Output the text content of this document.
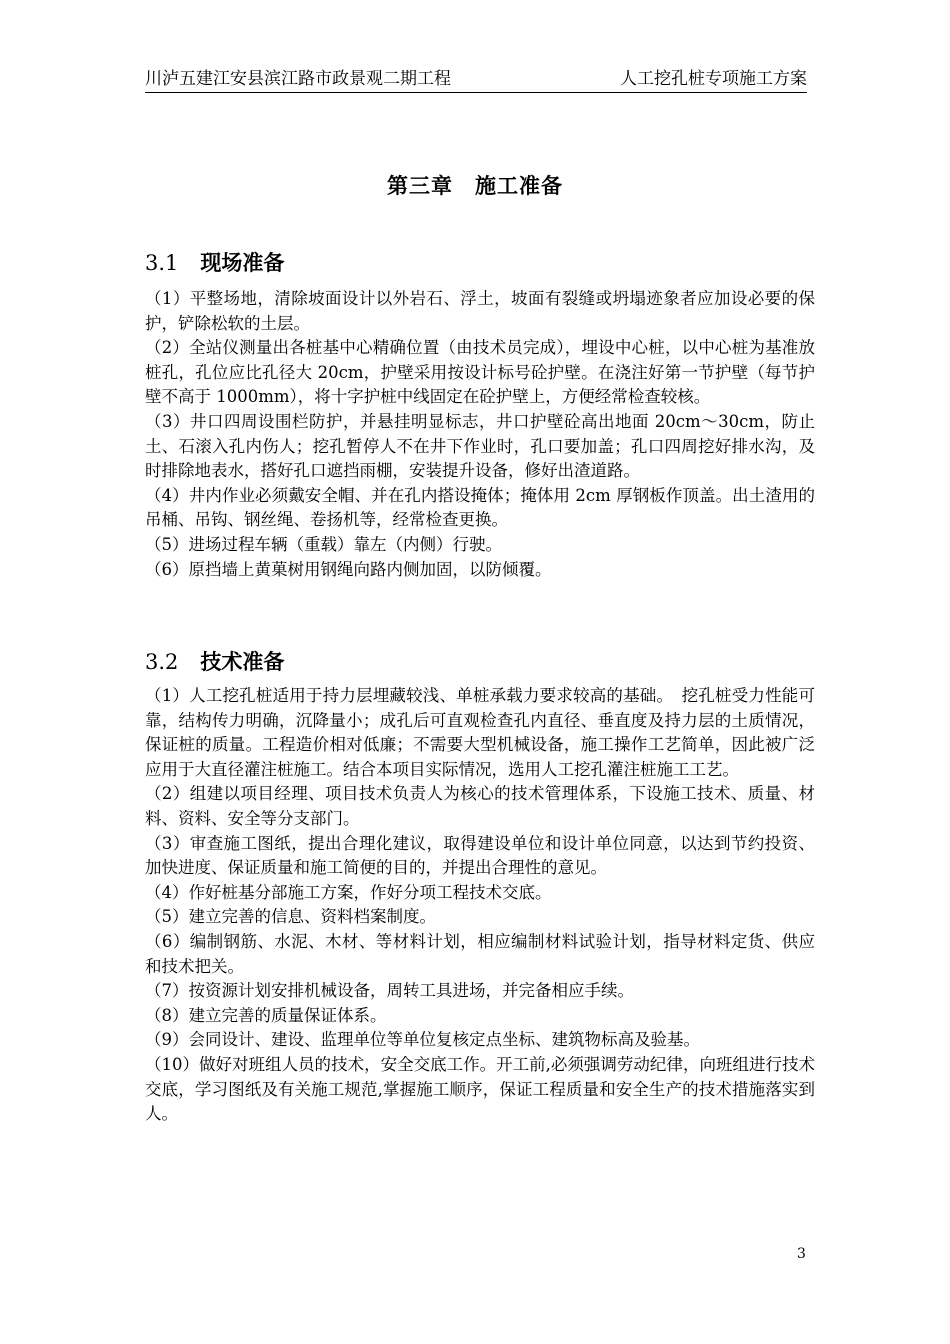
川泸五建江安县滨江路市政景观二期工程	人工挖孔桩专项施工方案
第三章　施工准备
3.1 现场准备

（1）平整场地，清除坡面设计以外岩石、浮土，坡面有裂缝或坍塌迹象者应加设必要的保护，铲除松软的土层。

（2）全站仪测量出各桩基中心精确位置（由技术员完成），埋设中心桩，以中心桩为基准放桩孔，孔位应比孔径大 20cm，护壁采用按设计标号砼护壁。在浇注好第一节护壁（每节护壁不高于 1000mm），将十字护桩中线固定在砼护壁上，方便经常检查较核。

（3）井口四周设围栏防护，并悬挂明显标志，井口护壁砼高出地面 20cm～30cm，防止土、石滚入孔内伤人；挖孔暂停人不在井下作业时，孔口要加盖；孔口四周挖好排水沟，及时排除地表水，搭好孔口遮挡雨棚，安装提升设备，修好出渣道路。

（4）井内作业必须戴安全帽、并在孔内搭设掩体；掩体用 2cm 厚钢板作顶盖。出土渣用的吊桶、吊钩、钢丝绳、卷扬机等，经常检查更换。

（5）进场过程车辆（重载）靠左（内侧）行驶。

（6）原挡墙上黄菓树用钢绳向路内侧加固，以防倾覆。

3.2 技术准备

（1）人工挖孔桩适用于持力层埋藏较浅、单桩承载力要求较高的基础。　挖孔桩受力性能可靠，结构传力明确，沉降量小；成孔后可直观检查孔内直径、垂直度及持力层的土质情况，保证桩的质量。工程造价相对低廉；不需要大型机械设备，施工操作工艺简单，因此被广泛应用于大直径灌注桩施工。结合本项目实际情况，选用人工挖孔灌注桩施工工艺。

（2）组建以项目经理、项目技术负责人为核心的技术管理体系，下设施工技术、质量、材料、资料、安全等分支部门。

（3）审查施工图纸，提出合理化建议，取得建设单位和设计单位同意，以达到节约投资、加快进度、保证质量和施工简便的目的，并提出合理性的意见。

（4）作好桩基分部施工方案，作好分项工程技术交底。

（5）建立完善的信息、资料档案制度。

（6）编制钢筋、水泥、木材、等材料计划，相应编制材料试验计划，指导材料定货、供应和技术把关。

（7）按资源计划安排机械设备，周转工具进场，并完备相应手续。

（8）建立完善的质量保证体系。

（9）会同设计、建设、监理单位等单位复核定点坐标、建筑物标高及验基。

（10）做好对班组人员的技术，安全交底工作。开工前,必须强调劳动纪律，向班组进行技术交底，学习图纸及有关施工规范,掌握施工顺序，保证工程质量和安全生产的技术措施落实到人。

3
